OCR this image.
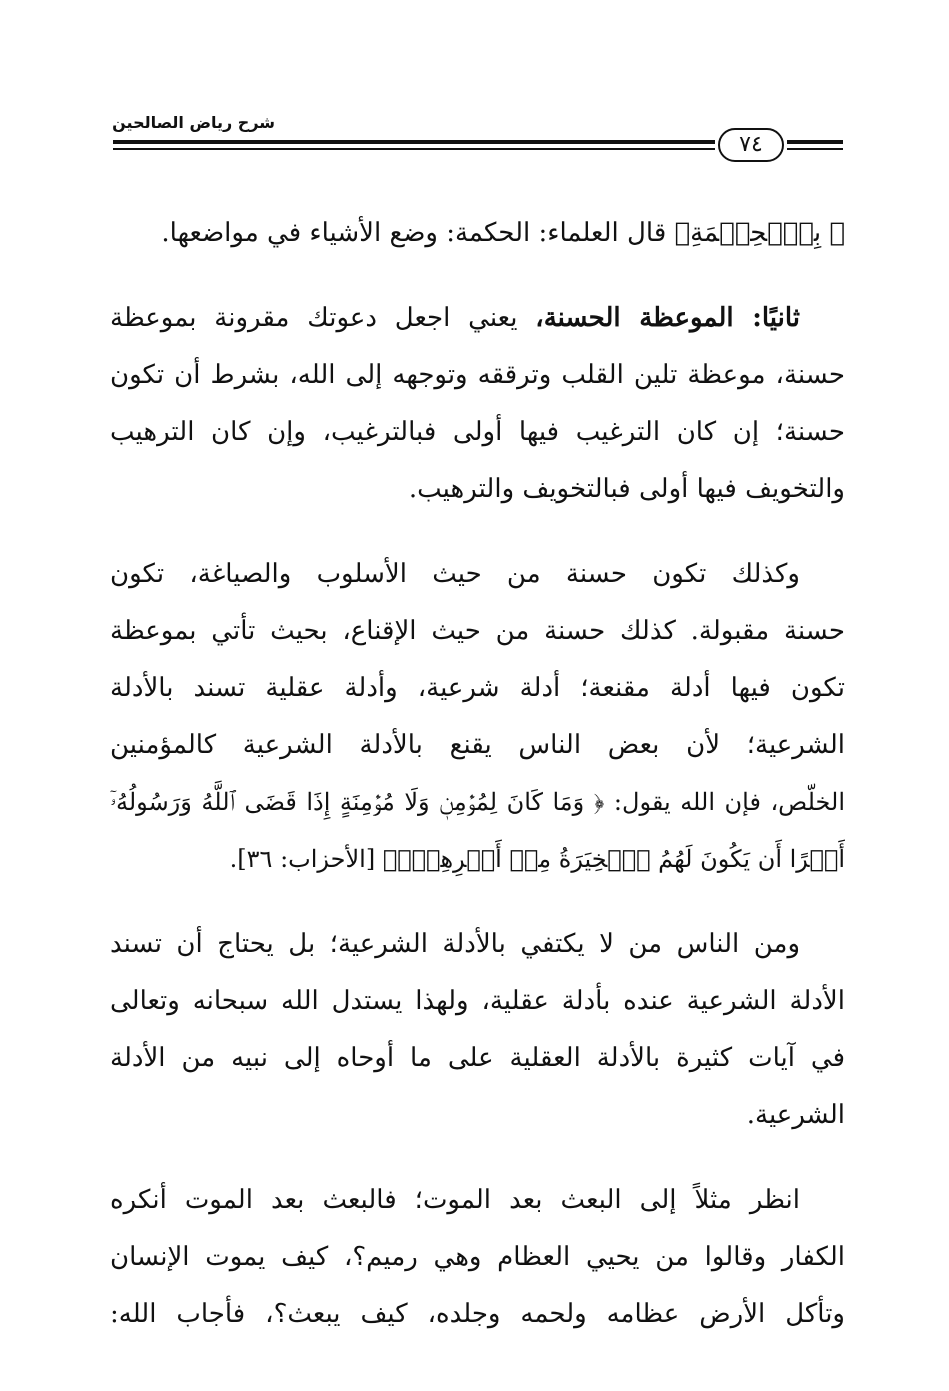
شرح رياض الصالحين
٧٤
﴿ بِٱلۡحِكۡمَةِ﴾ قال العلماء: الحكمة: وضع الأشياء في مواضعها.
ثانيًا: الموعظة الحسنة، يعني اجعل دعوتك مقرونة بموعظة
حسنة، موعظة تلين القلب وترققه وتوجهه إلى الله، بشرط أن تكون
حسنة؛ إن كان الترغيب فيها أولى فبالترغيب، وإن كان الترهيب
والتخويف فيها أولى فبالتخويف والترهيب.
وكذلك تكون حسنة من حيث الأسلوب والصياغة، تكون
حسنة مقبولة. كذلك حسنة من حيث الإقناع، بحيث تأتي بموعظة
تكون فيها أدلة مقنعة؛ أدلة شرعية، وأدلة عقلية تسند بالأدلة
الشرعية؛ لأن بعض الناس يقنع بالأدلة الشرعية كالمؤمنين
الخلّص، فإن الله يقول: ﴿ وَمَا كَانَ لِمُؤۡمِنٖ وَلَا مُؤۡمِنَةٍ إِذَا قَضَى ٱللَّهُ وَرَسُولُهُۥٓ
أَمۡرًا أَن يَكُونَ لَهُمُ ٱلۡخِيَرَةُ مِنۡ أَمۡرِهِمۡۗ﴾ [الأحزاب: ٣٦].
ومن الناس من لا يكتفي بالأدلة الشرعية؛ بل يحتاج أن تسند
الأدلة الشرعية عنده بأدلة عقلية، ولهذا يستدل الله سبحانه وتعالى
في آيات كثيرة بالأدلة العقلية على ما أوحاه إلى نبيه من الأدلة
الشرعية.
انظر مثلاً إلى البعث بعد الموت؛ فالبعث بعد الموت أنكره
الكفار وقالوا من يحيي العظام وهي رميم؟، كيف يموت الإنسان
وتأكل الأرض عظامه ولحمه وجلده، كيف يبعث؟، فأجاب الله:
